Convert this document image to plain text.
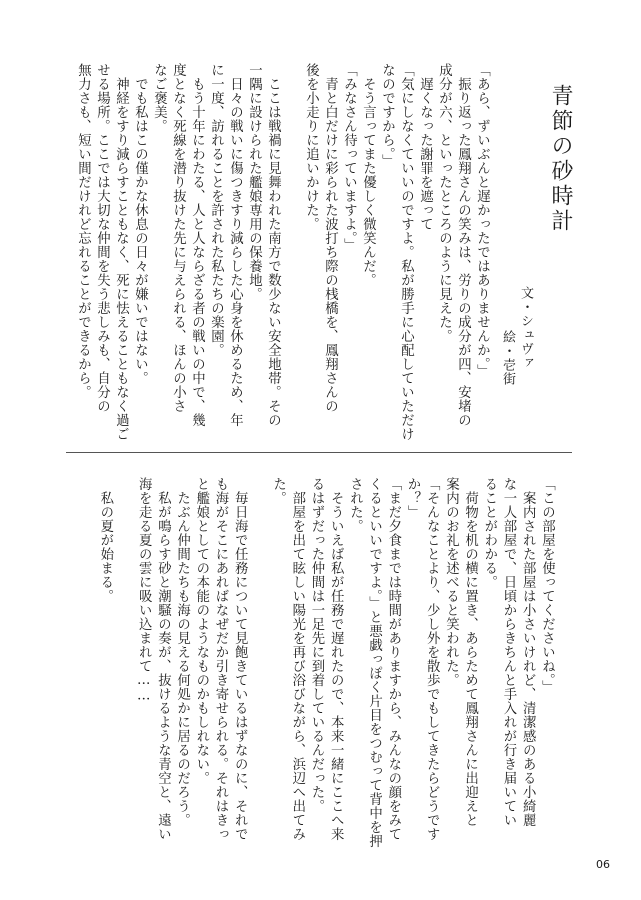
青節の砂時計
文・シュヴァ
絵・壱街
「あら、ずいぶんと遅かったではありませんか。」
　振り返った鳳翔さんの笑みは、労りの成分が四、安堵の
成分が六、といったところのように見えた。
　遅くなった謝罪を遮って
「気にしなくていいのですよ。私が勝手に心配していただけ
なのですから。」
　そう言ってまた優しく微笑んだ。
「みなさん待っていますよ。」
　青と白だけに彩られた波打ち際の桟橋を、鳳翔さんの
後を小走りに追いかけた。
　ここは戦禍に見舞われた南方で数少ない安全地帯。その
一隅に設けられた艦娘専用の保養地。
　日々の戦いに傷つきすり減らした心身を休めるため、年
に一度、訪れることを許された私たちの楽園。
　もう十年にわたる、人と人ならざる者の戦いの中で、幾
度となく死線を潜り抜けた先に与えられる、ほんの小さ
なご褒美。
　でも私はこの僅かな休息の日々が嫌いではない。
　神経をすり減らすこともなく、死に怯えることもなく過ご
せる場所。ここでは大切な仲間を失う悲しみも、自分の
無力さも、短い間だけれど忘れることができるから。
「この部屋を使ってくださいね。」
　案内された部屋は小さいけれど、清潔感のある小綺麗
な一人部屋で、日頃からきちんと手入れが行き届いてい
ることがわかる。
　荷物を机の横に置き、あらためて鳳翔さんに出迎えと
案内のお礼を述べると笑われた。
「そんなことより、少し外を散歩でもしてきたらどうです
か？」
「まだ夕食までは時間がありますから、みんなの顔をみて
くるといいですよ。」と悪戯っぽく片目をつむって背中を押
された。
　そういえば私が任務で遅れたので、本来一緒にここへ来
るはずだった仲間は一足先に到着しているんだった。
　部屋を出て眩しい陽光を再び浴びながら、浜辺へ出てみ
た。
　毎日海で任務について見飽きているはずなのに、それで
も海がそこにあればなぜだか引き寄せられる。それはきっ
と艦娘としての本能のようなものかもしれない。
　たぶん仲間たちも海の見える何処かに居るのだろう。
　私が鳴らす砂と潮騒の奏が、抜けるような青空と、遠い
海を走る夏の雲に吸い込まれて……
　私の夏が始まる。
06
